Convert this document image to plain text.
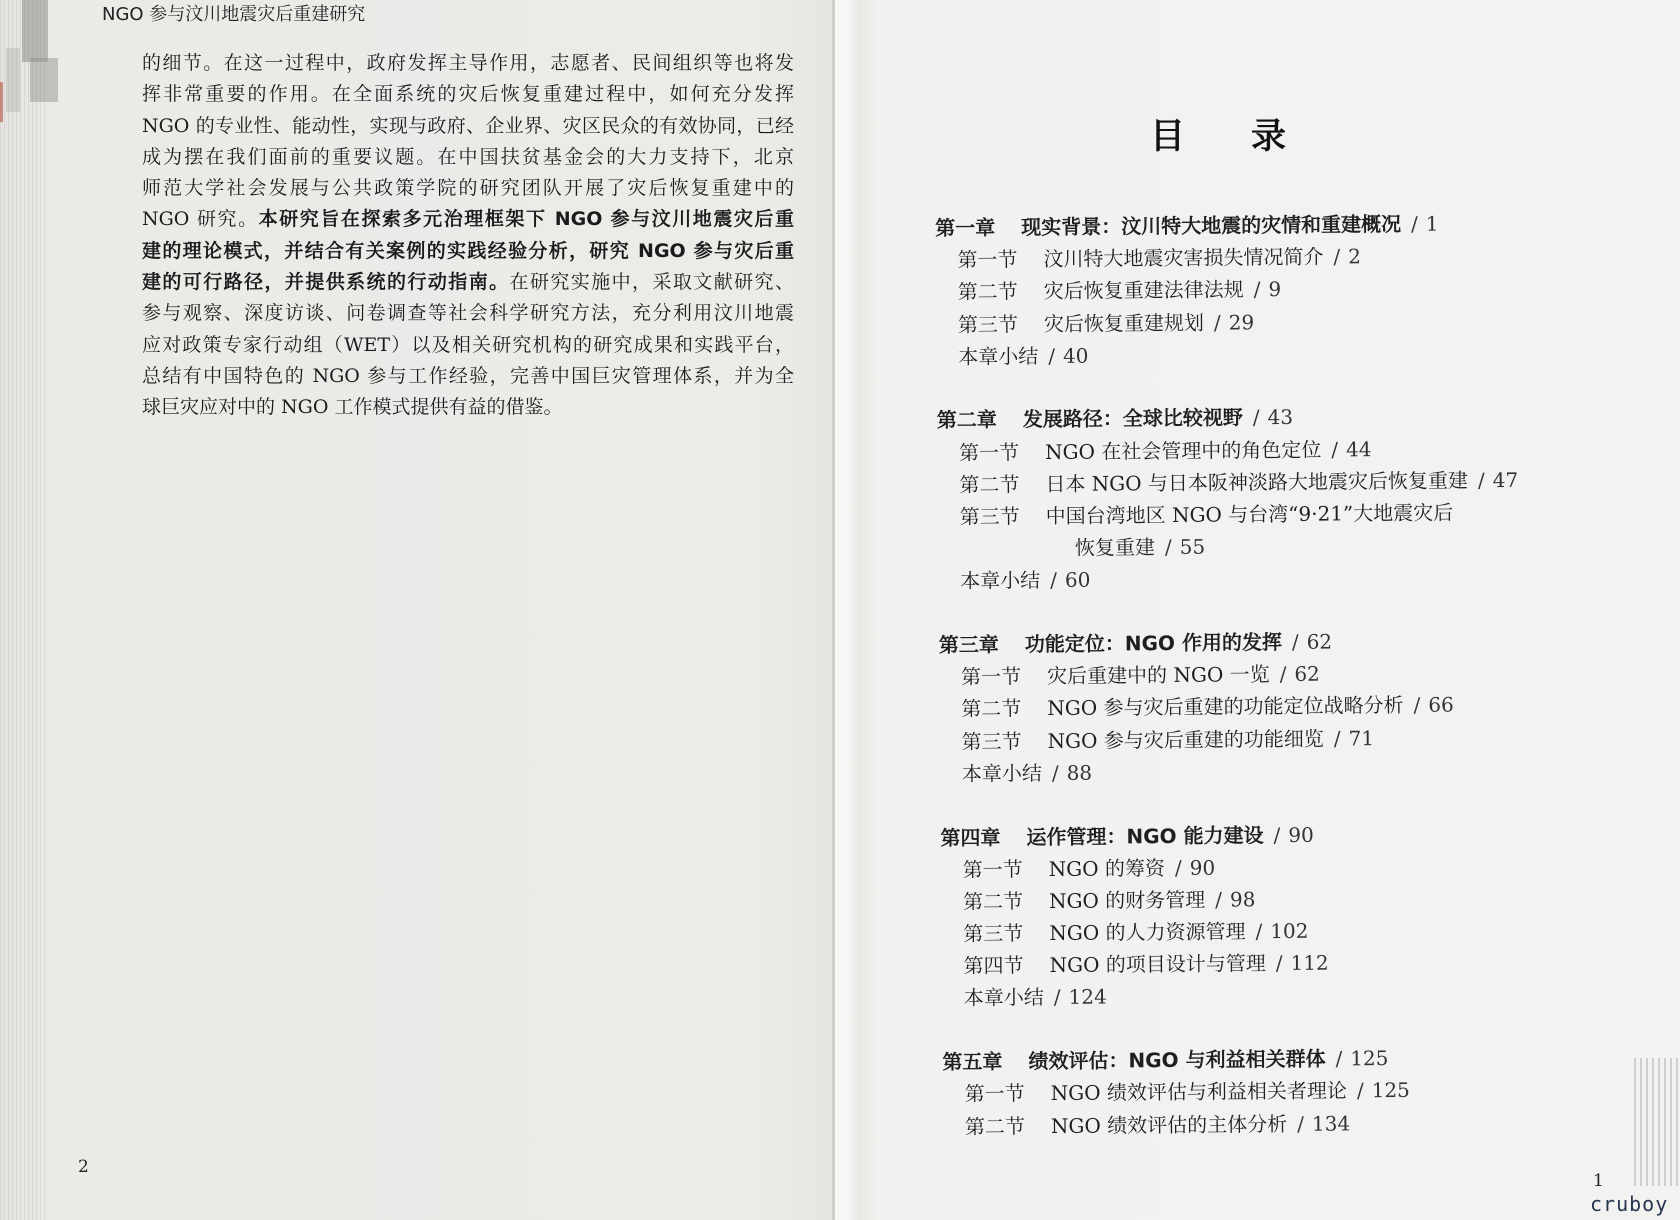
NGO 参与汶川地震灾后重建研究
的细节。在这一过程中，政府发挥主导作用，志愿者、民间组织等也将发
挥非常重要的作用。在全面系统的灾后恢复重建过程中，如何充分发挥
NGO 的专业性、能动性，实现与政府、企业界、灾区民众的有效协同，已经
成为摆在我们面前的重要议题。在中国扶贫基金会的大力支持下，北京
师范大学社会发展与公共政策学院的研究团队开展了灾后恢复重建中的
NGO 研究。本研究旨在探索多元治理框架下 NGO 参与汶川地震灾后重
建的理论模式，并结合有关案例的实践经验分析，研究 NGO 参与灾后重
建的可行路径，并提供系统的行动指南。在研究实施中，采取文献研究、
参与观察、深度访谈、问卷调查等社会科学研究方法，充分利用汶川地震
应对政策专家行动组（WET）以及相关研究机构的研究成果和实践平台，
总结有中国特色的 NGO 参与工作经验，完善中国巨灾管理体系，并为全
球巨灾应对中的 NGO 工作模式提供有益的借鉴。
2
目录
第一章 现实背景：汶川特大地震的灾情和重建概况 / 1
第一节 汶川特大地震灾害损失情况简介 / 2
第二节 灾后恢复重建法律法规 / 9
第三节 灾后恢复重建规划 / 29
本章小结 / 40
第二章 发展路径：全球比较视野 / 43
第一节 NGO 在社会管理中的角色定位 / 44
第二节 日本 NGO 与日本阪神淡路大地震灾后恢复重建 / 47
第三节 中国台湾地区 NGO 与台湾“9·21”大地震灾后
恢复重建 / 55
本章小结 / 60
第三章 功能定位：NGO 作用的发挥 / 62
第一节 灾后重建中的 NGO 一览 / 62
第二节 NGO 参与灾后重建的功能定位战略分析 / 66
第三节 NGO 参与灾后重建的功能细览 / 71
本章小结 / 88
第四章 运作管理：NGO 能力建设 / 90
第一节 NGO 的筹资 / 90
第二节 NGO 的财务管理 / 98
第三节 NGO 的人力资源管理 / 102
第四节 NGO 的项目设计与管理 / 112
本章小结 / 124
第五章 绩效评估：NGO 与利益相关群体 / 125
第一节 NGO 绩效评估与利益相关者理论 / 125
第二节 NGO 绩效评估的主体分析 / 134
1
cruboy
